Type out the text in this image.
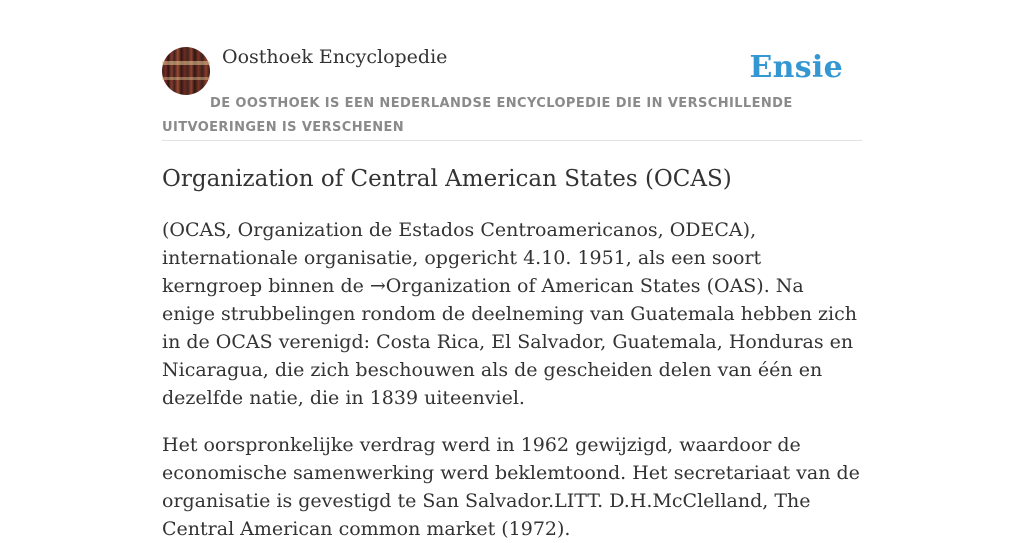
Oosthoek Encyclopedie	Ensie
DE OOSTHOEK IS EEN NEDERLANDSE ENCYCLOPEDIE DIE IN VERSCHILLENDE UITVOERINGEN IS VERSCHENEN
Organization of Central American States (OCAS)

(OCAS, Organization de Estados Centroamericanos, ODECA), internationale organisatie, opgericht 4.10. 1951, als een soort kerngroep binnen de →Organization of American States (OAS). Na enige strubbelingen rondom de deelneming van Guatemala hebben zich in de OCAS verenigd: Costa Rica, El Salvador, Guatemala, Honduras en Nicaragua, die zich beschouwen als de gescheiden delen van één en dezelfde natie, die in 1839 uiteenviel.

Het oorspronkelijke verdrag werd in 1962 gewijzigd, waardoor de economische samenwerking werd beklemtoond. Het secretariaat van de organisatie is gevestigd te San Salvador.LITT. D.H.McClelland, The Central American common market (1972).
